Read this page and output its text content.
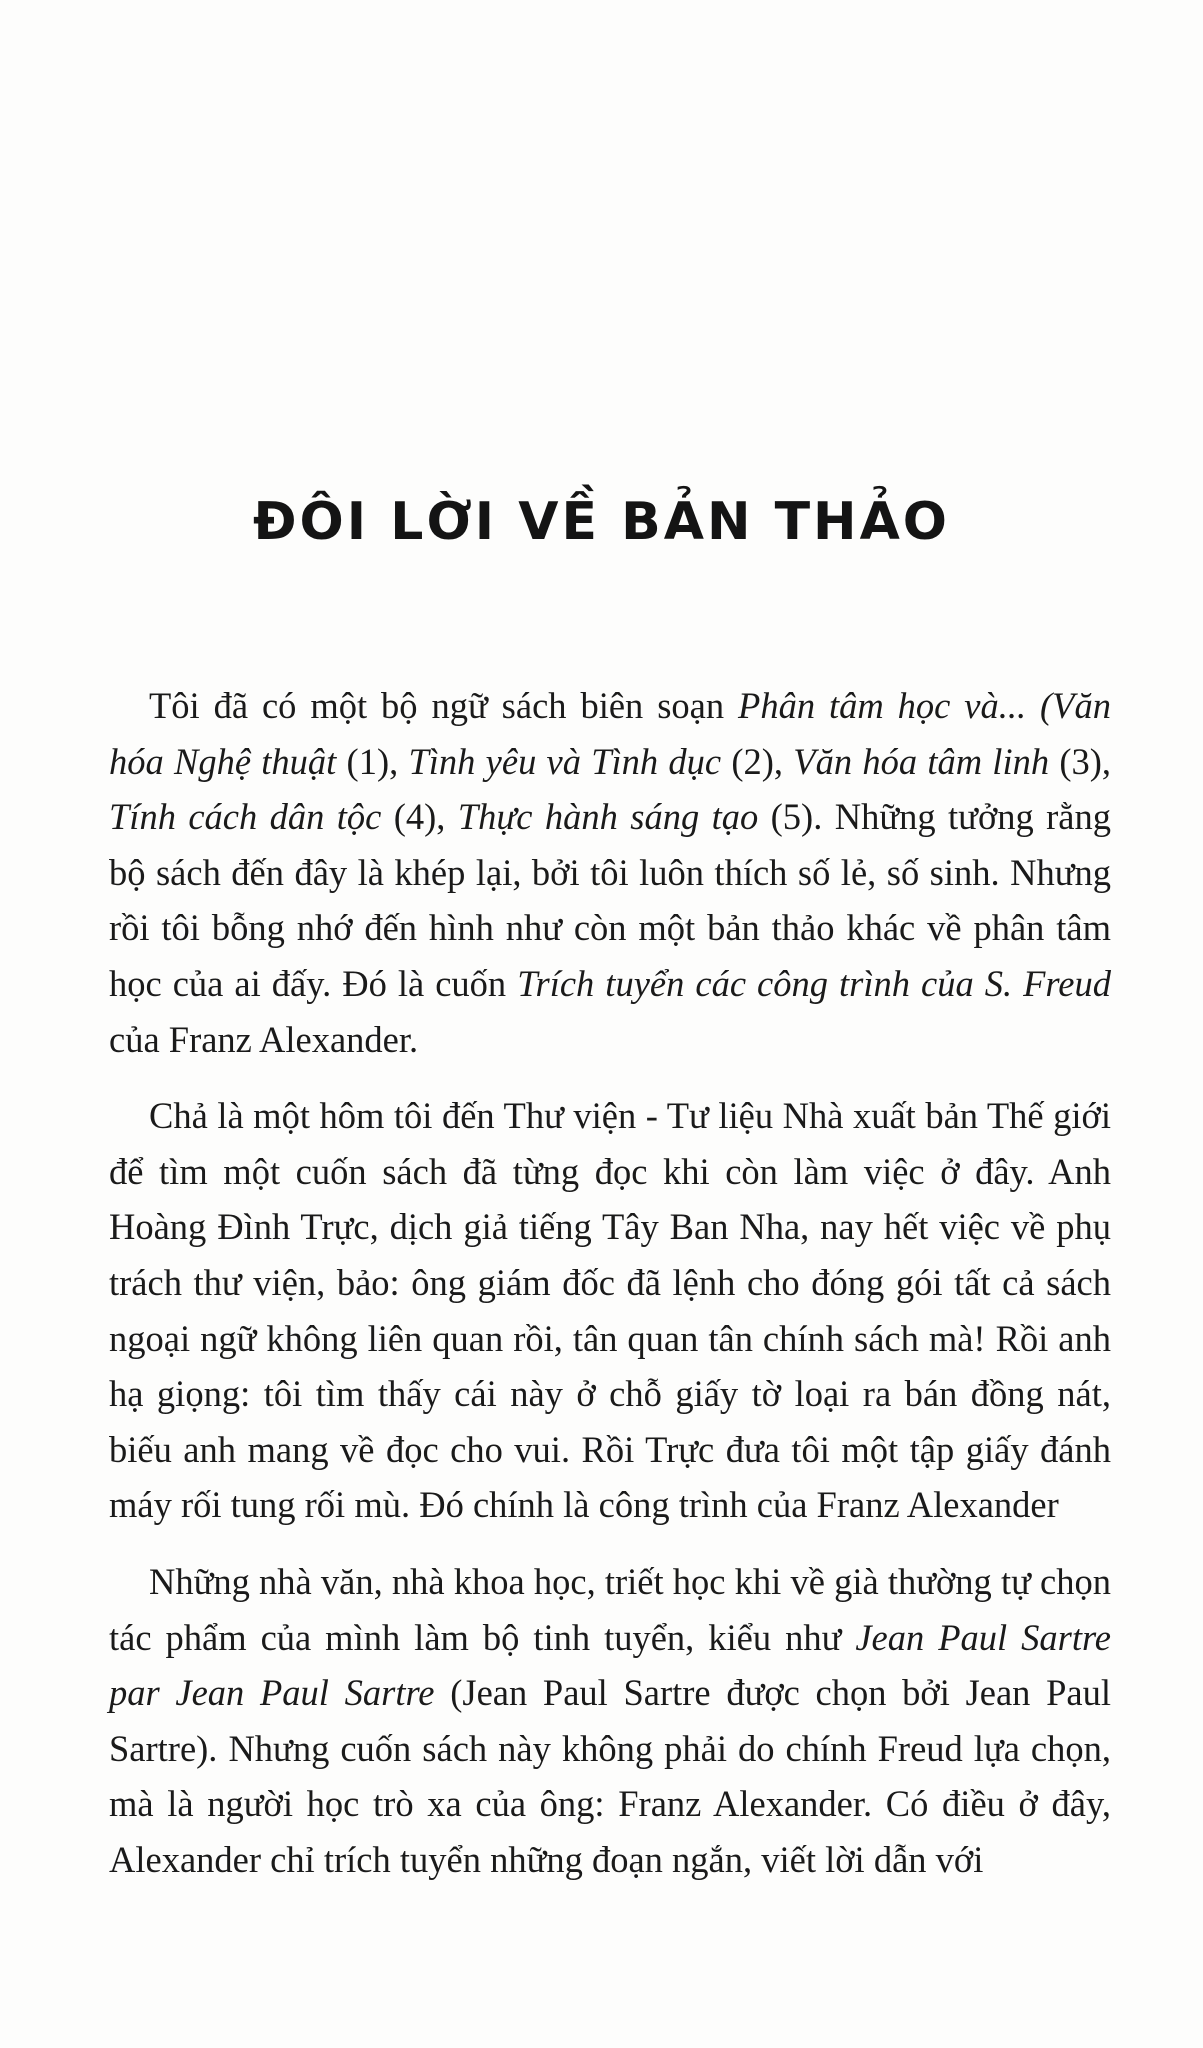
ĐÔI LỜI VỀ BẢN THẢO

Tôi đã có một bộ ngữ sách biên soạn Phân tâm học và... (Văn hóa Nghệ thuật (1), Tình yêu và Tình dục (2), Văn hóa tâm linh (3), Tính cách dân tộc (4), Thực hành sáng tạo (5). Những tưởng rằng bộ sách đến đây là khép lại, bởi tôi luôn thích số lẻ, số sinh. Nhưng rồi tôi bỗng nhớ đến hình như còn một bản thảo khác về phân tâm học của ai đấy. Đó là cuốn Trích tuyển các công trình của S. Freud của Franz Alexander.

Chả là một hôm tôi đến Thư viện - Tư liệu Nhà xuất bản Thế giới để tìm một cuốn sách đã từng đọc khi còn làm việc ở đây. Anh Hoàng Đình Trực, dịch giả tiếng Tây Ban Nha, nay hết việc về phụ trách thư viện, bảo: ông giám đốc đã lệnh cho đóng gói tất cả sách ngoại ngữ không liên quan rồi, tân quan tân chính sách mà! Rồi anh hạ giọng: tôi tìm thấy cái này ở chỗ giấy tờ loại ra bán đồng nát, biếu anh mang về đọc cho vui. Rồi Trực đưa tôi một tập giấy đánh máy rối tung rối mù. Đó chính là công trình của Franz Alexander

Những nhà văn, nhà khoa học, triết học khi về già thường tự chọn tác phẩm của mình làm bộ tinh tuyển, kiểu như Jean Paul Sartre par Jean Paul Sartre (Jean Paul Sartre được chọn bởi Jean Paul Sartre). Nhưng cuốn sách này không phải do chính Freud lựa chọn, mà là người học trò xa của ông: Franz Alexander. Có điều ở đây, Alexander chỉ trích tuyển những đoạn ngắn, viết lời dẫn với
